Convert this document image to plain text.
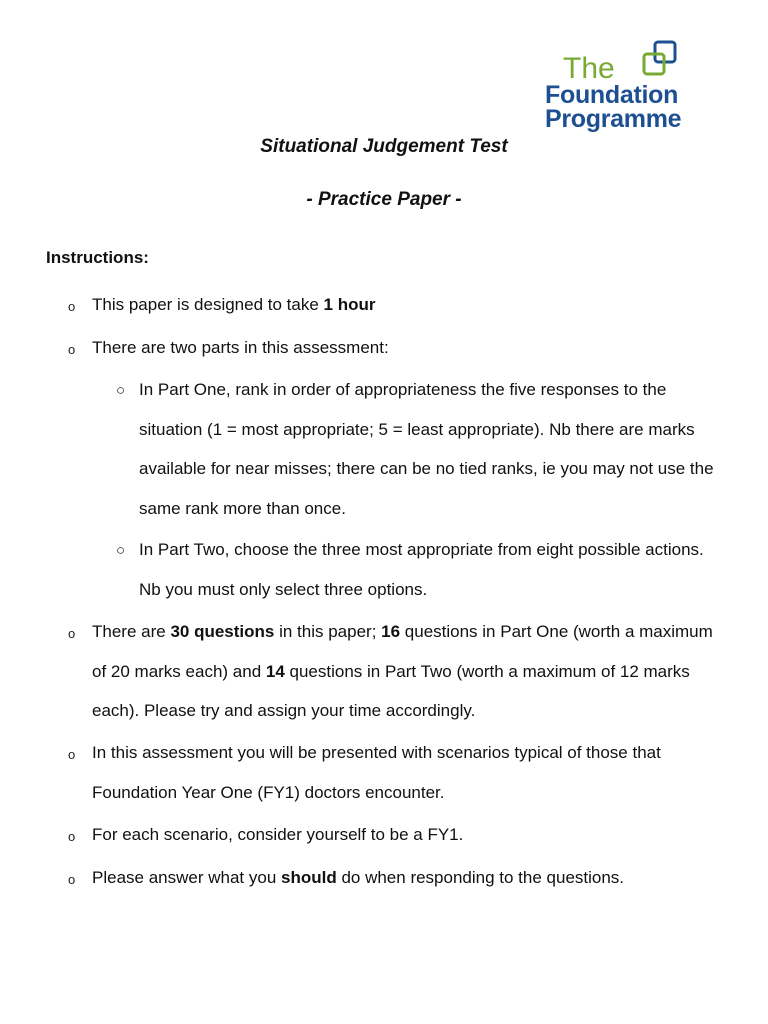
The
Foundation
Programme
Situational Judgement Test
- Practice Paper -
Instructions:
o This paper is designed to take 1 hour
o There are two parts in this assessment:
○ In Part One, rank in order of appropriateness the five responses to the situation (1 = most appropriate; 5 = least appropriate). Nb there are marks available for near misses; there can be no tied ranks, ie you may not use the same rank more than once.
○ In Part Two, choose the three most appropriate from eight possible actions. Nb you must only select three options.
o There are 30 questions in this paper; 16 questions in Part One (worth a maximum of 20 marks each) and 14 questions in Part Two (worth a maximum of 12 marks each). Please try and assign your time accordingly.
o In this assessment you will be presented with scenarios typical of those that Foundation Year One (FY1) doctors encounter.
o For each scenario, consider yourself to be a FY1.
o Please answer what you should do when responding to the questions.
